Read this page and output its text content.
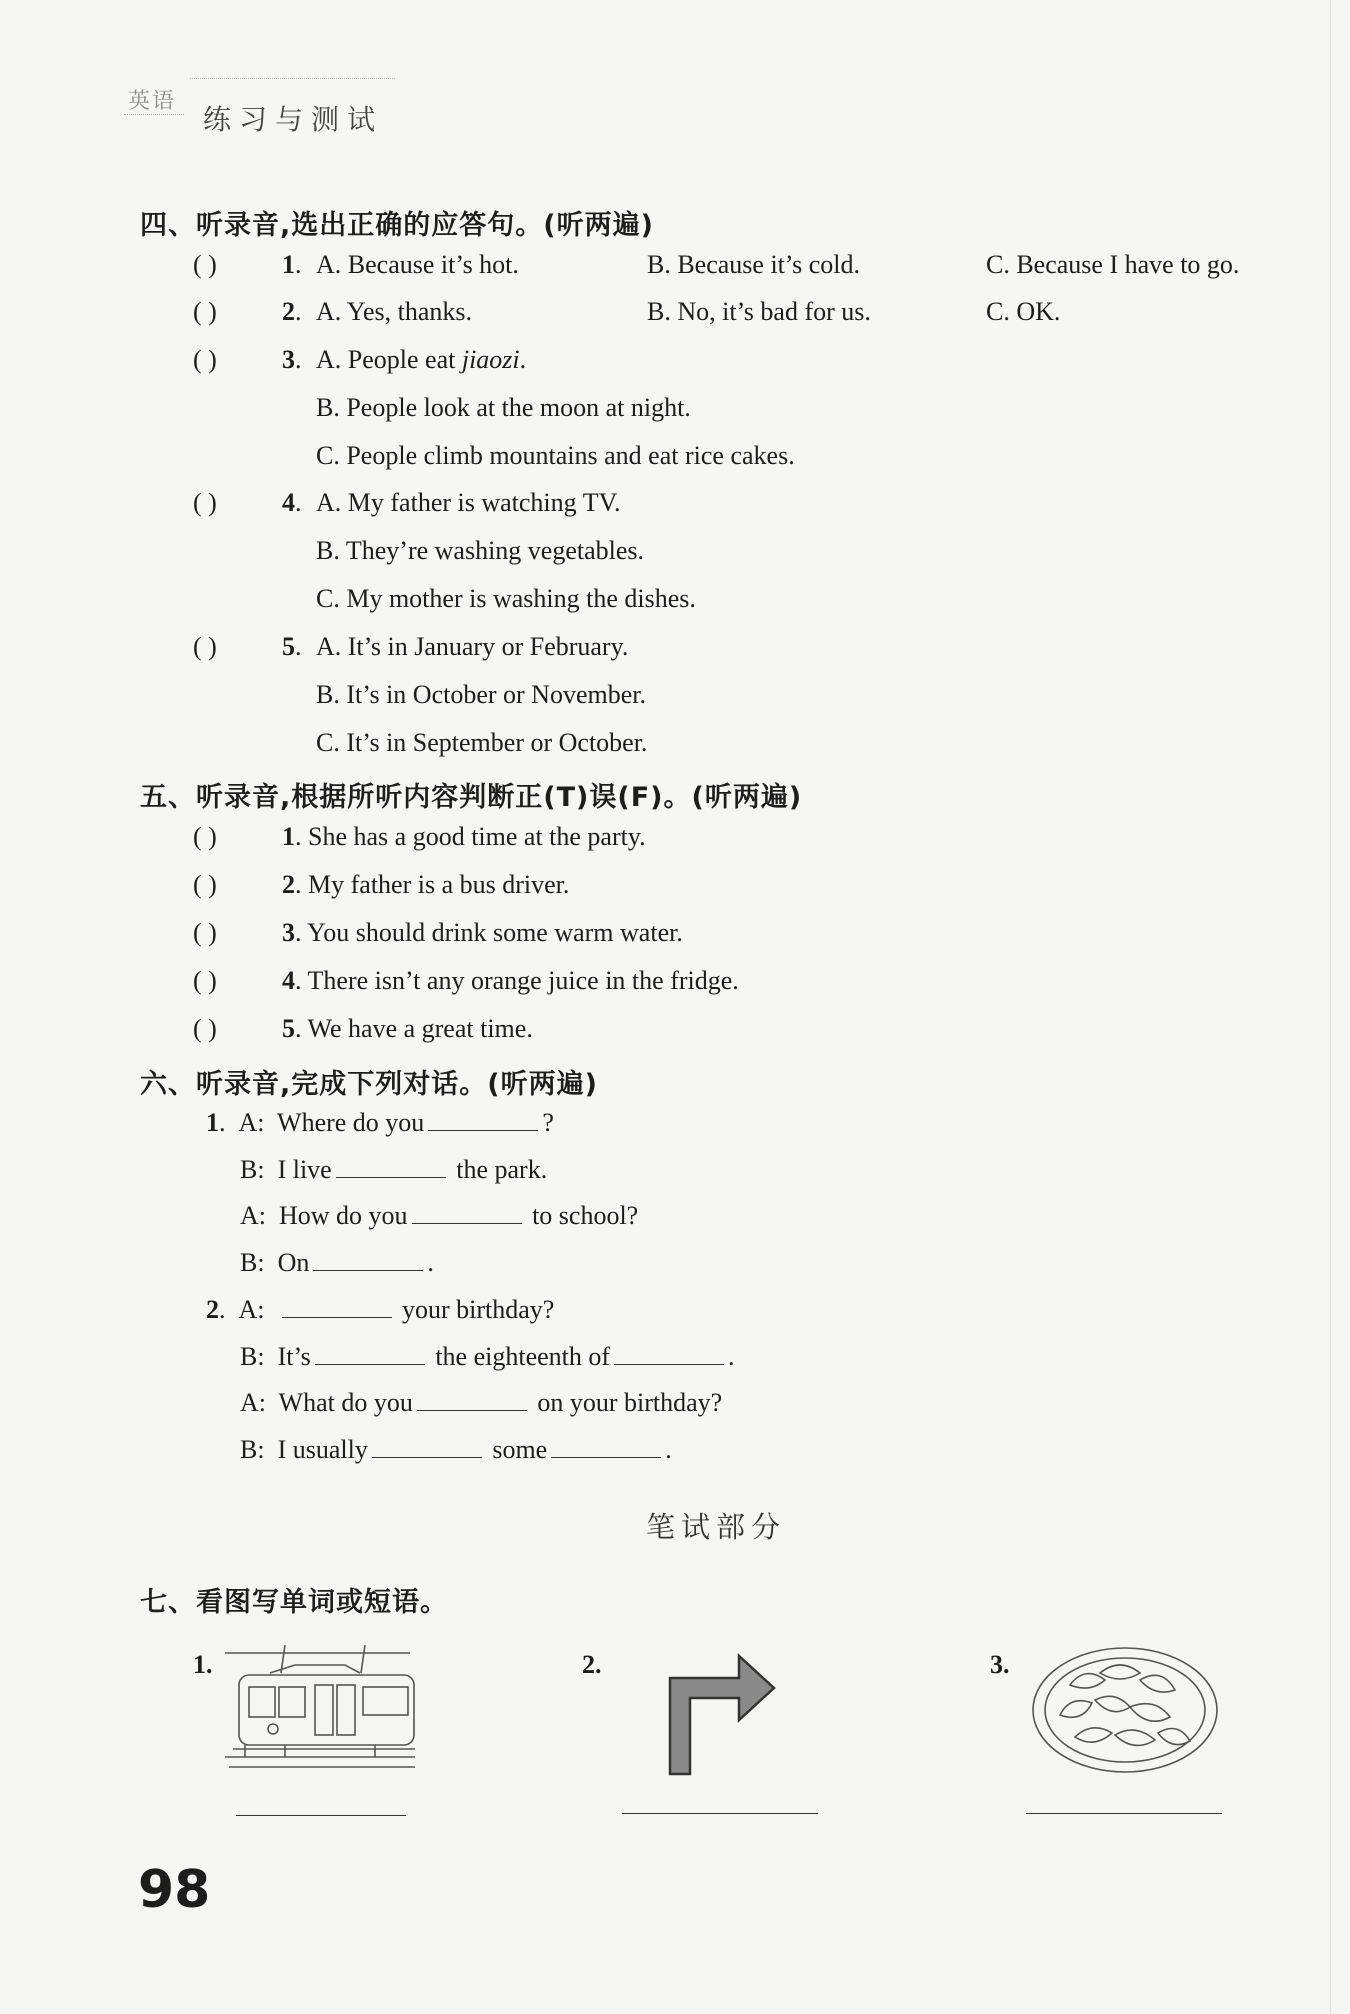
英语
练习与测试
四、听录音,选出正确的应答句。(听两遍)
( )	1. A. Because it’s hot.	B. Because it’s cold.	C. Because I have to go.
( )	2. A. Yes, thanks.	B. No, it’s bad for us.	C. OK.
( )	3. A. People eat jiaozi.
B. People look at the moon at night.
C. People climb mountains and eat rice cakes.
( )	4. A. My father is watching TV.
B. They’re washing vegetables.
C. My mother is washing the dishes.
( )	5. A. It’s in January or February.
B. It’s in October or November.
C. It’s in September or October.
五、听录音,根据所听内容判断正(T)误(F)。(听两遍)
( )	1. She has a good time at the party.
( )	2. My father is a bus driver.
( )	3. You should drink some warm water.
( )	4. There isn’t any orange juice in the fridge.
( )	5. We have a great time.
六、听录音,完成下列对话。(听两遍)
1.  A: Where do you	?
B: I live	the park.
A: How do you	to school?
B: On	.
2.  A:	your birthday?
B: It’s	the eighteenth of	.
A: What do you	on your birthday?
B: I usually	some	.
笔试部分
七、看图写单词或短语。
1.	2.	3.
98
